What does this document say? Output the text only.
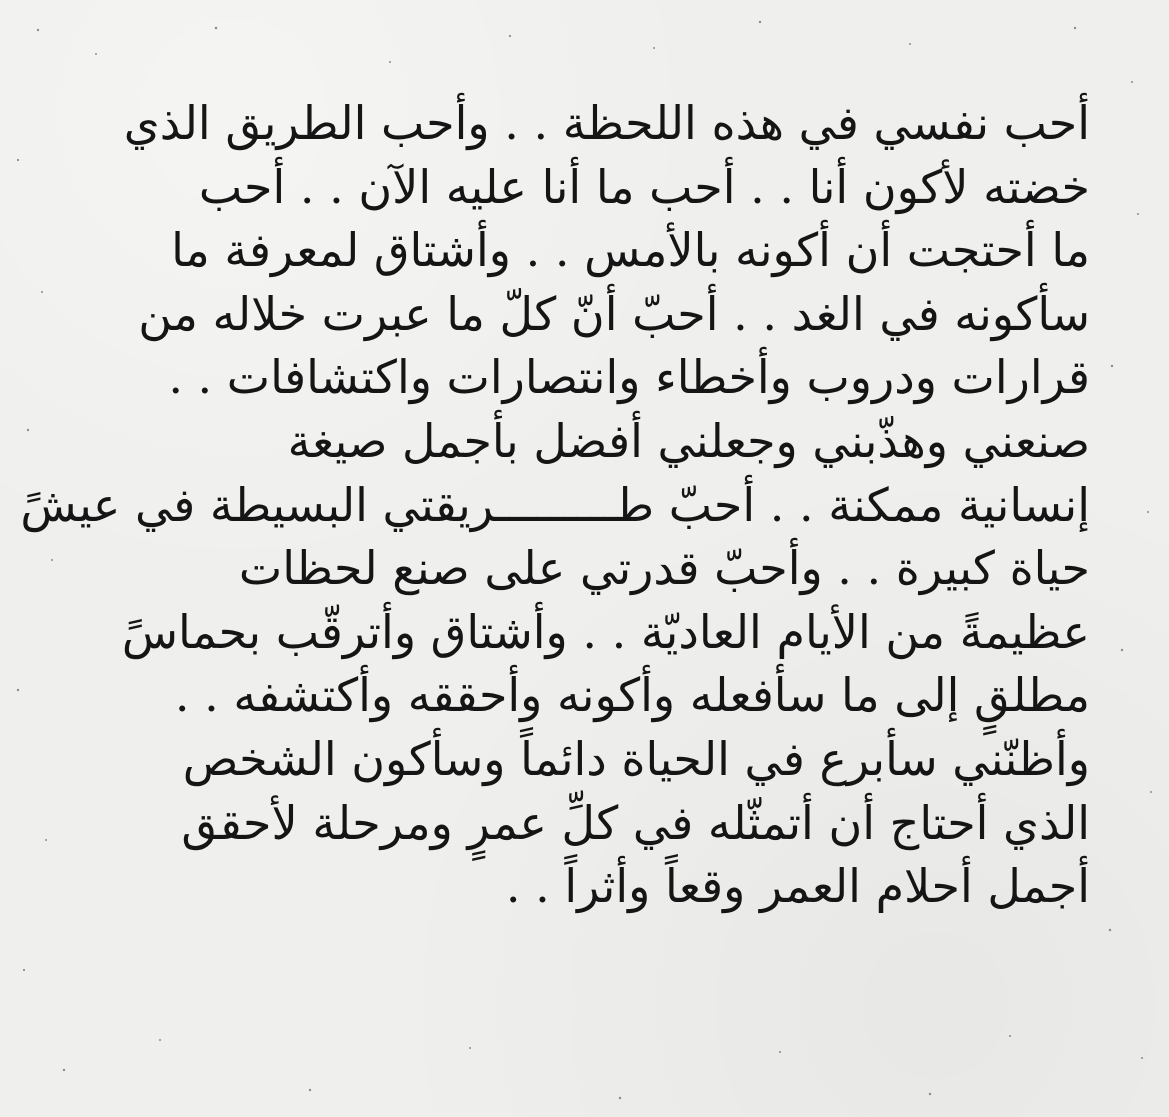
أحب نفسي في هذه اللحظة . . وأحب الطريق الذي
خضته لأكون أنا . . أحب ما أنا عليه الآن . . أحب
ما أحتجت أن أكونه بالأمس . . وأشتاق لمعرفة ما
سأكونه في الغد . . أحبّ أنّ كلّ ما عبرت خلاله من
قرارات ودروب وأخطاء وانتصارات واكتشافات . .
صنعني وهذّبني وجعلني أفضل بأجمل صيغة
إنسانية ممكنة . . أحبّ طـــــــــريقتي البسيطة في عيشً
حياة كبيرة . . وأحبّ قدرتي على صنع لحظات
عظيمةً من الأيام العاديّة . . وأشتاق وأترقّب بحماسً
مطلقٍ إلى ما سأفعله وأكونه وأحققه وأكتشفه . .
وأظنّني سأبرع في الحياة دائماً وسأكون الشخص
الذي أحتاج أن أتمثّله في كلِّ عمرٍ ومرحلة لأحقق
أجمل أحلام العمر وقعاً وأثراً . .
